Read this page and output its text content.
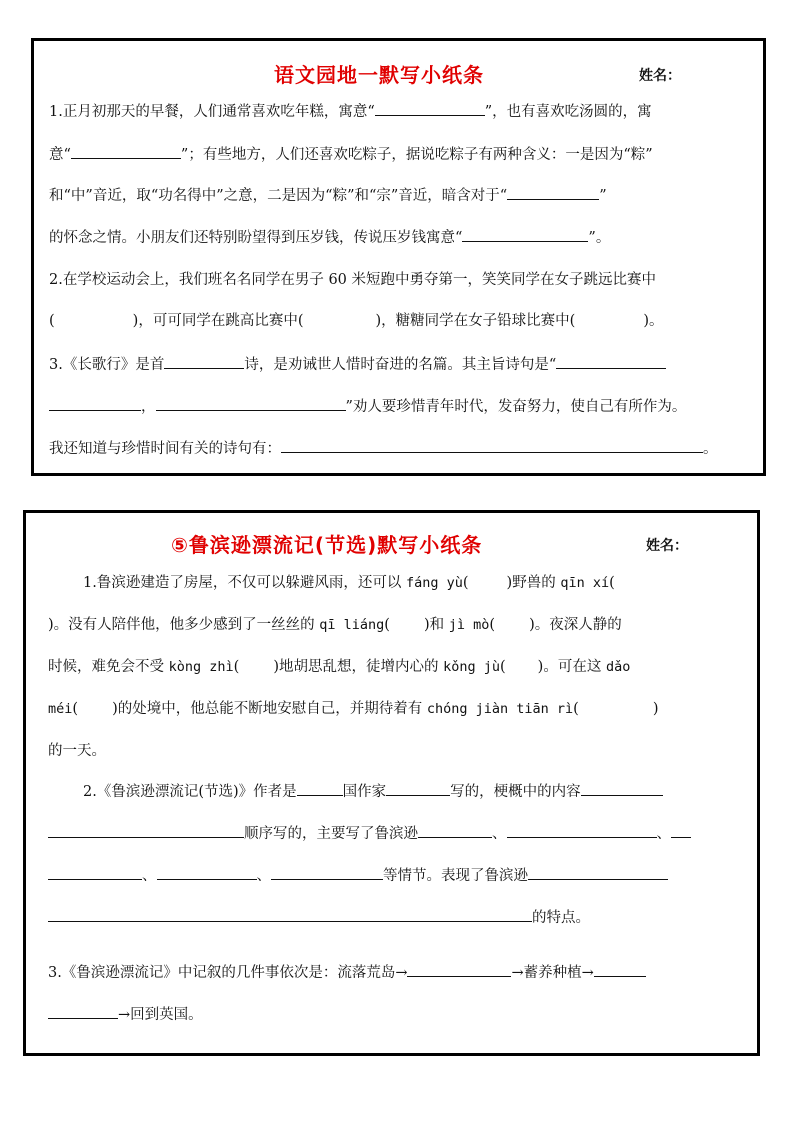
语文园地一默写小纸条	姓名：
1.正月初那天的早餐，人们通常喜欢吃年糕，寓意“	”，也有喜欢吃汤圆的，寓
意“	”；有些地方，人们还喜欢吃粽子，据说吃粽子有两种含义：一是因为“粽”
和“中”音近，取“功名得中”之意，二是因为“粽”和“宗”音近，暗含对于“	”
的怀念之情。小朋友们还特别盼望得到压岁钱，传说压岁钱寓意“	”。
2.在学校运动会上，我们班名名同学在男子 60 米短跑中勇夺第一，笑笑同学在女子跳远比赛中
(	)，可可同学在跳高比赛中(	)，糖糖同学在女子铅球比赛中(	)。
3.《长歌行》是首	诗，是劝诫世人惜时奋进的名篇。其主旨诗句是“
，	”劝人要珍惜青年时代，发奋努力，使自己有所作为。
我还知道与珍惜时间有关的诗句有：	。
⑤鲁滨逊漂流记(节选)默写小纸条	姓名：
1.鲁滨逊建造了房屋，不仅可以躲避风雨，还可以 fáng yù(	)野兽的 qīn xí(
)。没有人陪伴他，他多少感到了一丝丝的 qī liáng( )和 jì mò( )。夜深人静的
时候，难免会不受 kòng zhì( )地胡思乱想，徒增内心的 kǒng jù( )。可在这 dǎo
méi( )的处境中，他总能不断地安慰自己，并期待着有 chóng jiàn tiān rì(	)
的一天。
2.《鲁滨逊漂流记(节选)》作者是	国作家	写的，梗概中的内容
顺序写的，主要写了鲁滨逊	、	、
、	、	等情节。表现了鲁滨逊
的特点。
3.《鲁滨逊漂流记》中记叙的几件事依次是：流落荒岛→	→蓄养种植→
→回到英国。
